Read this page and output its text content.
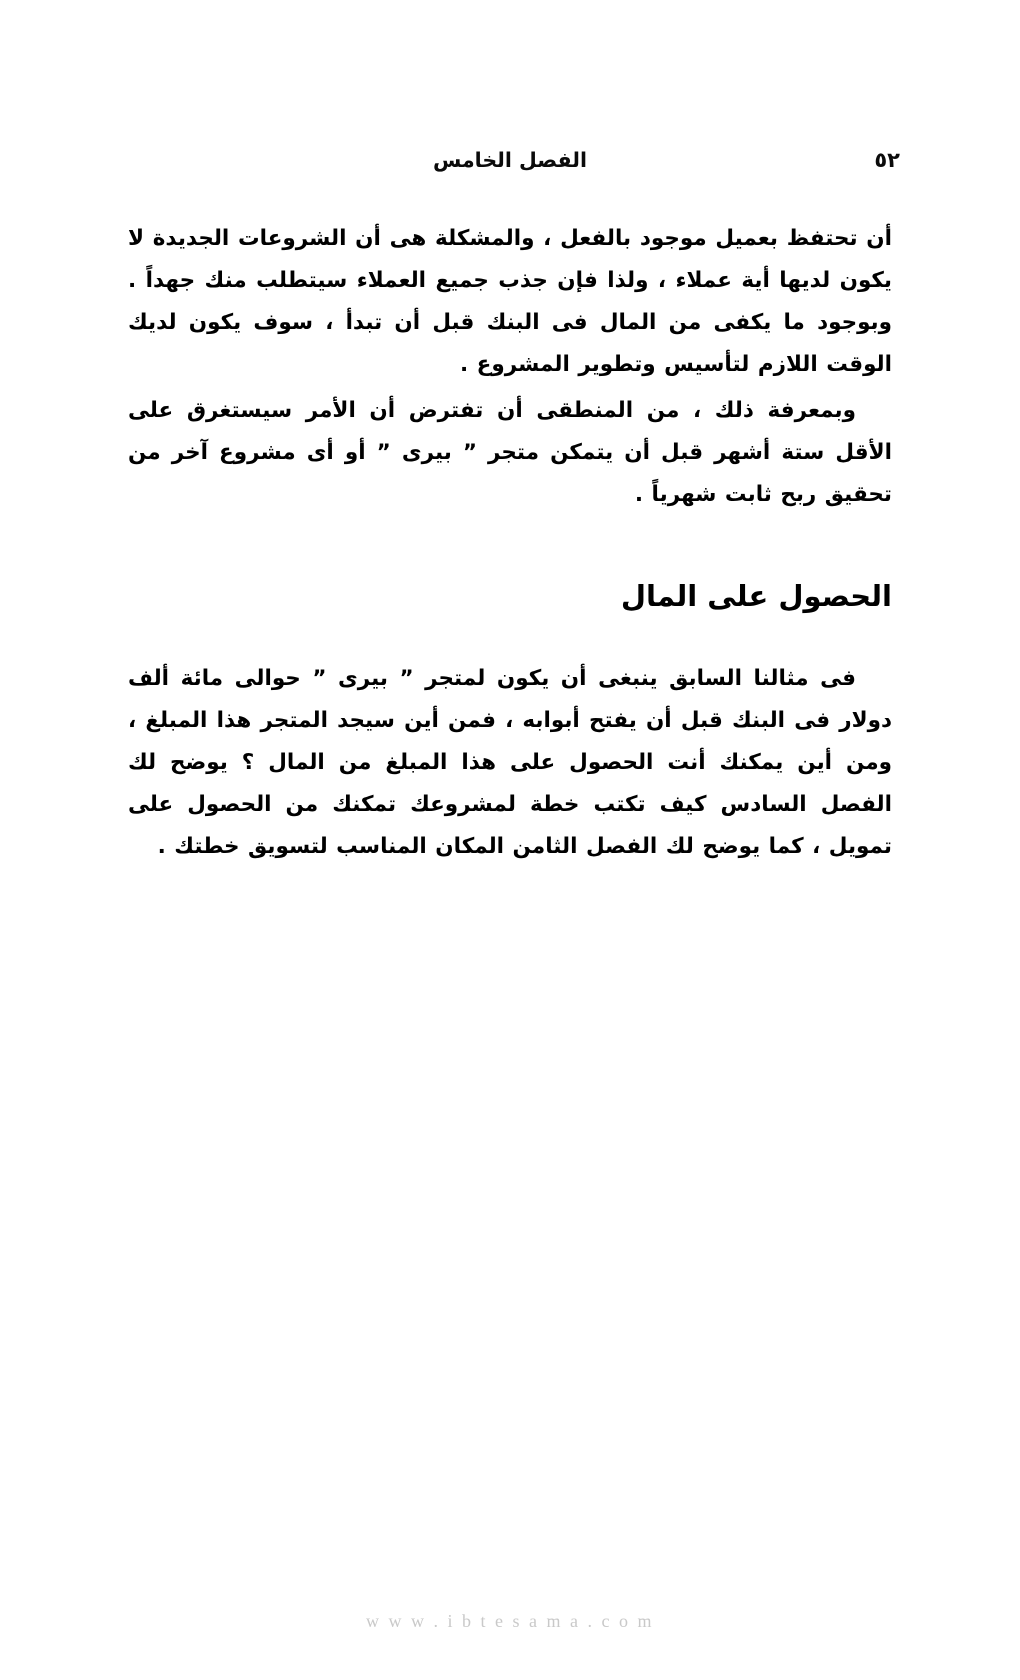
الفصل الخامس	٥٢

أن تحتفظ بعميل موجود بالفعل ، والمشكلة هى أن الشروعات الجديدة لا يكون لديها أية عملاء ، ولذا فإن جذب جميع العملاء سيتطلب منك جهداً . وبوجود ما يكفى من المال فى البنك قبل أن تبدأ ، سوف يكون لديك الوقت اللازم لتأسيس وتطوير المشروع .

وبمعرفة ذلك ، من المنطقى أن تفترض أن الأمر سيستغرق على الأقل ستة أشهر قبل أن يتمكن متجر ” بيرى ” أو أى مشروع آخر من تحقيق ربح ثابت شهرياً .

الحصول على المال

فى مثالنا السابق ينبغى أن يكون لمتجر ” بيرى ” حوالى مائة ألف دولار فى البنك قبل أن يفتح أبوابه ، فمن أين سيجد المتجر هذا المبلغ ، ومن أين يمكنك أنت الحصول على هذا المبلغ من المال ؟ يوضح لك الفصل السادس كيف تكتب خطة لمشروعك تمكنك من الحصول على تمويل ، كما يوضح لك الفصل الثامن المكان المناسب لتسويق خطتك .

w w w . i b t e s a m a . c o m
